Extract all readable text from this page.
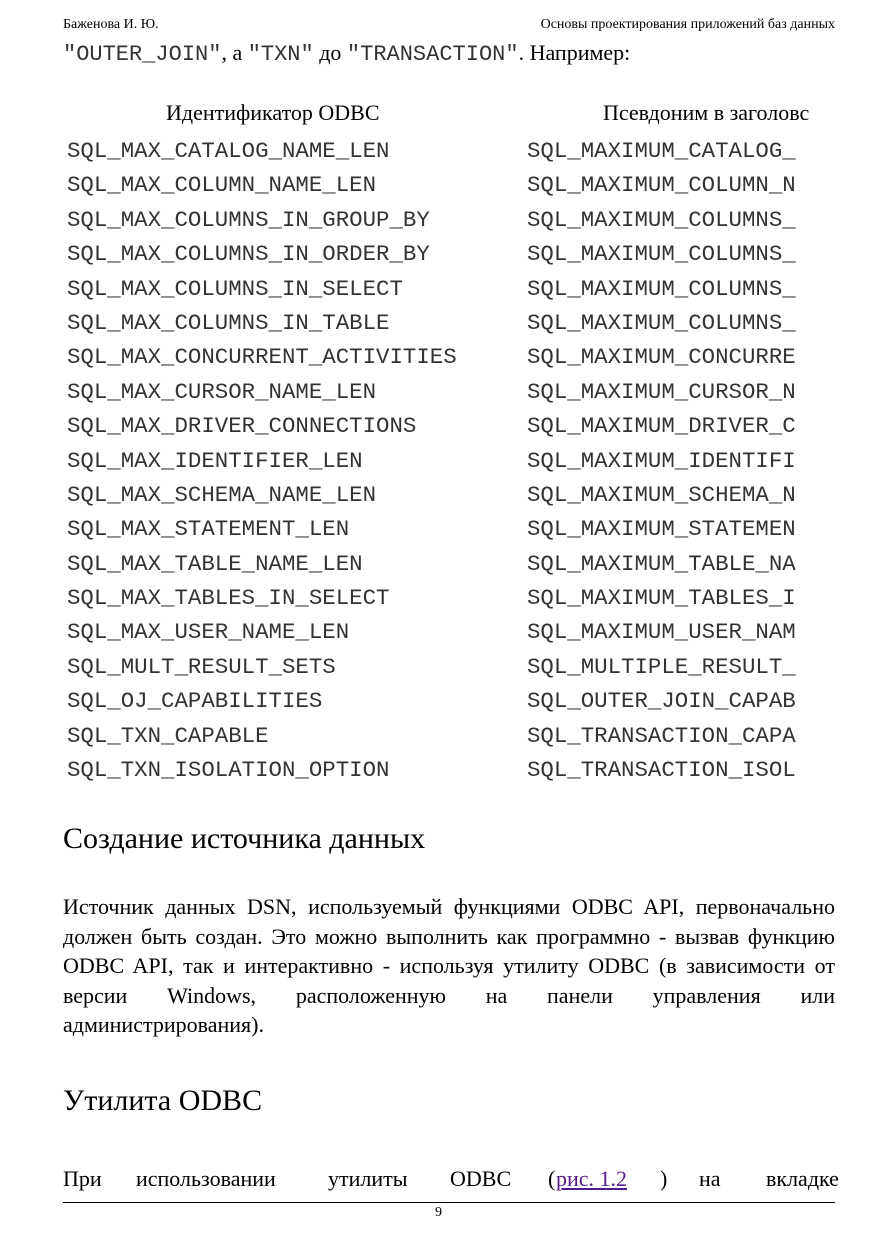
Баженова И. Ю.	Основы проектирования приложений баз данных
"OUTER_JOIN", а "TXN" до "TRANSACTION". Например:
Идентификатор ODBC	Псевдоним в заголовс
SQL_MAX_CATALOG_NAME_LEN	SQL_MAXIMUM_CATALOG_
SQL_MAX_COLUMN_NAME_LEN	SQL_MAXIMUM_COLUMN_N
SQL_MAX_COLUMNS_IN_GROUP_BY	SQL_MAXIMUM_COLUMNS_
SQL_MAX_COLUMNS_IN_ORDER_BY	SQL_MAXIMUM_COLUMNS_
SQL_MAX_COLUMNS_IN_SELECT	SQL_MAXIMUM_COLUMNS_
SQL_MAX_COLUMNS_IN_TABLE	SQL_MAXIMUM_COLUMNS_
SQL_MAX_CONCURRENT_ACTIVITIES	SQL_MAXIMUM_CONCURRE
SQL_MAX_CURSOR_NAME_LEN	SQL_MAXIMUM_CURSOR_N
SQL_MAX_DRIVER_CONNECTIONS	SQL_MAXIMUM_DRIVER_C
SQL_MAX_IDENTIFIER_LEN	SQL_MAXIMUM_IDENTIFI
SQL_MAX_SCHEMA_NAME_LEN	SQL_MAXIMUM_SCHEMA_N
SQL_MAX_STATEMENT_LEN	SQL_MAXIMUM_STATEMEN
SQL_MAX_TABLE_NAME_LEN	SQL_MAXIMUM_TABLE_NA
SQL_MAX_TABLES_IN_SELECT	SQL_MAXIMUM_TABLES_I
SQL_MAX_USER_NAME_LEN	SQL_MAXIMUM_USER_NAM
SQL_MULT_RESULT_SETS	SQL_MULTIPLE_RESULT_
SQL_OJ_CAPABILITIES	SQL_OUTER_JOIN_CAPAB
SQL_TXN_CAPABLE	SQL_TRANSACTION_CAPA
SQL_TXN_ISOLATION_OPTION	SQL_TRANSACTION_ISOL
Создание источника данных
Источник данных DSN, используемый функциями ODBC API, первоначально должен быть создан. Это можно выполнить как программно - вызвав функцию ODBC API, так и интерактивно - используя утилиту ODBC (в зависимости от версии Windows, расположенную на панели управления или администрирования).
Утилита ODBC
При использовании утилиты ODBC ( рис. 1.2 ) на вкладке
9
